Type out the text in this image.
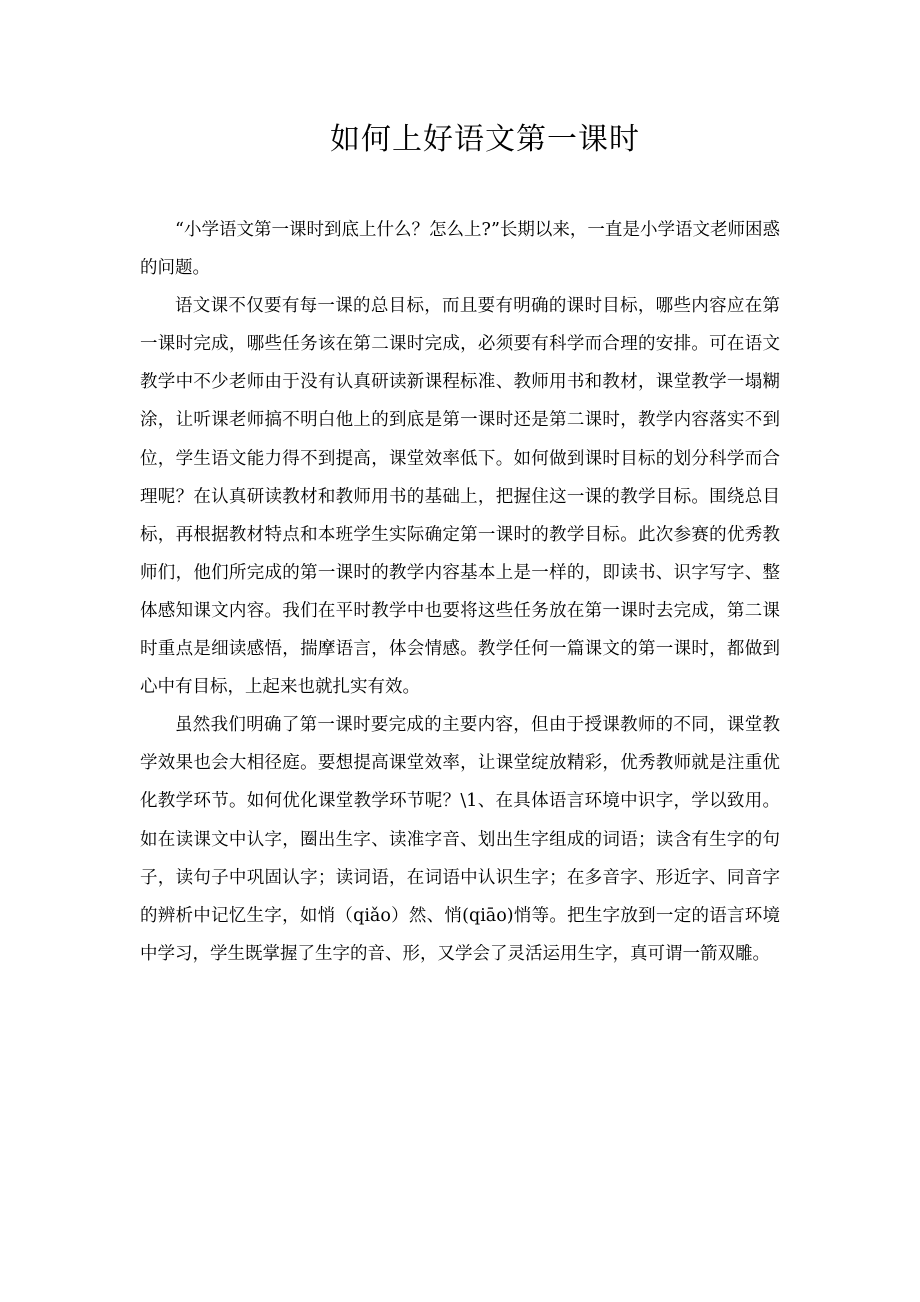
如何上好语文第一课时

“小学语文第一课时到底上什么？怎么上?”长期以来，一直是小学语文老师困惑的问题。

语文课不仅要有每一课的总目标，而且要有明确的课时目标，哪些内容应在第一课时完成，哪些任务该在第二课时完成，必须要有科学而合理的安排。可在语文教学中不少老师由于没有认真研读新课程标准、教师用书和教材，课堂教学一塌糊涂，让听课老师搞不明白他上的到底是第一课时还是第二课时，教学内容落实不到位，学生语文能力得不到提高，课堂效率低下。如何做到课时目标的划分科学而合理呢？在认真研读教材和教师用书的基础上，把握住这一课的教学目标。围绕总目标，再根据教材特点和本班学生实际确定第一课时的教学目标。此次参赛的优秀教师们，他们所完成的第一课时的教学内容基本上是一样的，即读书、识字写字、整体感知课文内容。我们在平时教学中也要将这些任务放在第一课时去完成，第二课时重点是细读感悟，揣摩语言，体会情感。教学任何一篇课文的第一课时，都做到心中有目标，上起来也就扎实有效。

虽然我们明确了第一课时要完成的主要内容，但由于授课教师的不同，课堂教学效果也会大相径庭。要想提高课堂效率，让课堂绽放精彩，优秀教师就是注重优化教学环节。如何优化课堂教学环节呢？\1、在具体语言环境中识字，学以致用。如在读课文中认字，圈出生字、读准字音、划出生字组成的词语；读含有生字的句子，读句子中巩固认字；读词语，在词语中认识生字；在多音字、形近字、同音字的辨析中记忆生字，如悄（qiǎo）然、悄(qiāo)悄等。把生字放到一定的语言环境中学习，学生既掌握了生字的音、形，又学会了灵活运用生字，真可谓一箭双雕。
